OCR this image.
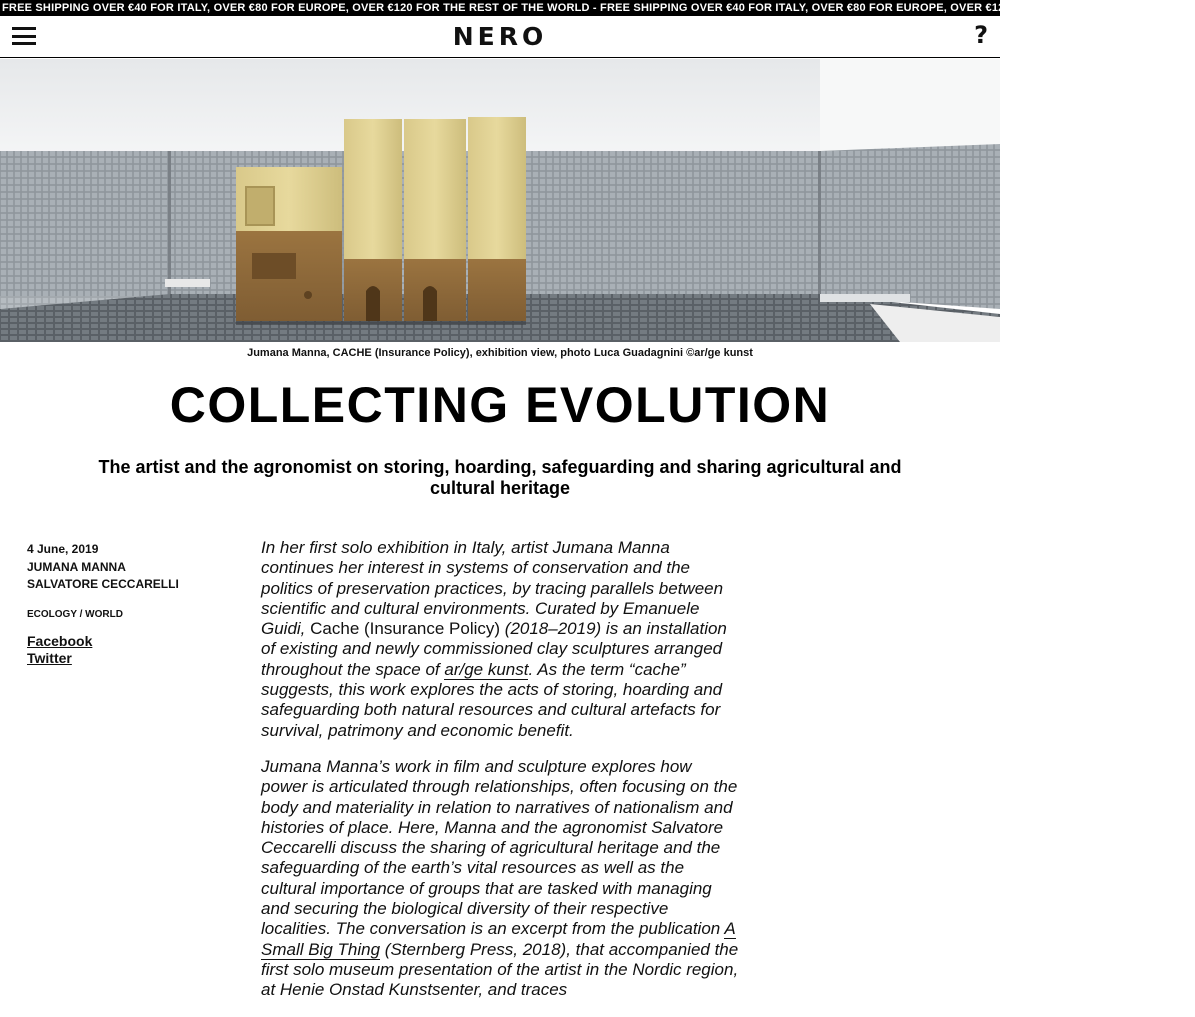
FREE SHIPPING OVER €40 FOR ITALY, OVER €80 FOR EUROPE, OVER €120 FOR THE REST OF THE WORLD - FREE SHIPPING OVER €40 FOR ITALY, OVER €80 FOR EUROPE, OVER €120 FOR THE REST OF THE WORLD -
NERO	?
Jumana Manna, CACHE (Insurance Policy), exhibition view, photo Luca Guadagnini ©ar/ge kunst
COLLECTING EVOLUTION
The artist and the agronomist on storing, hoarding, safeguarding and sharing agricultural and cultural heritage
4 June, 2019
JUMANA MANNA
SALVATORE CECCARELLI
ECOLOGY / WORLD
Facebook
Twitter

In her first solo exhibition in Italy, artist Jumana Manna continues her interest in systems of conservation and the politics of preservation practices, by tracing parallels between scientific and cultural environments. Curated by Emanuele Guidi, Cache (Insurance Policy) (2018–2019) is an installation of existing and newly commissioned clay sculptures arranged throughout the space of ar/ge kunst. As the term “cache” suggests, this work explores the acts of storing, hoarding and safeguarding both natural resources and cultural artefacts for survival, patrimony and economic benefit.

Jumana Manna’s work in film and sculpture explores how power is articulated through relationships, often focusing on the body and materiality in relation to narratives of nationalism and histories of place. Here, Manna and the agronomist Salvatore Ceccarelli discuss the sharing of agricultural heritage and the safeguarding of the earth’s vital resources as well as the cultural importance of groups that are tasked with managing and securing the biological diversity of their respective localities. The conversation is an excerpt from the publication A Small Big Thing (Sternberg Press, 2018), that accompanied the first solo museum presentation of the artist in the Nordic region, at Henie Onstad Kunstsenter, and traces
